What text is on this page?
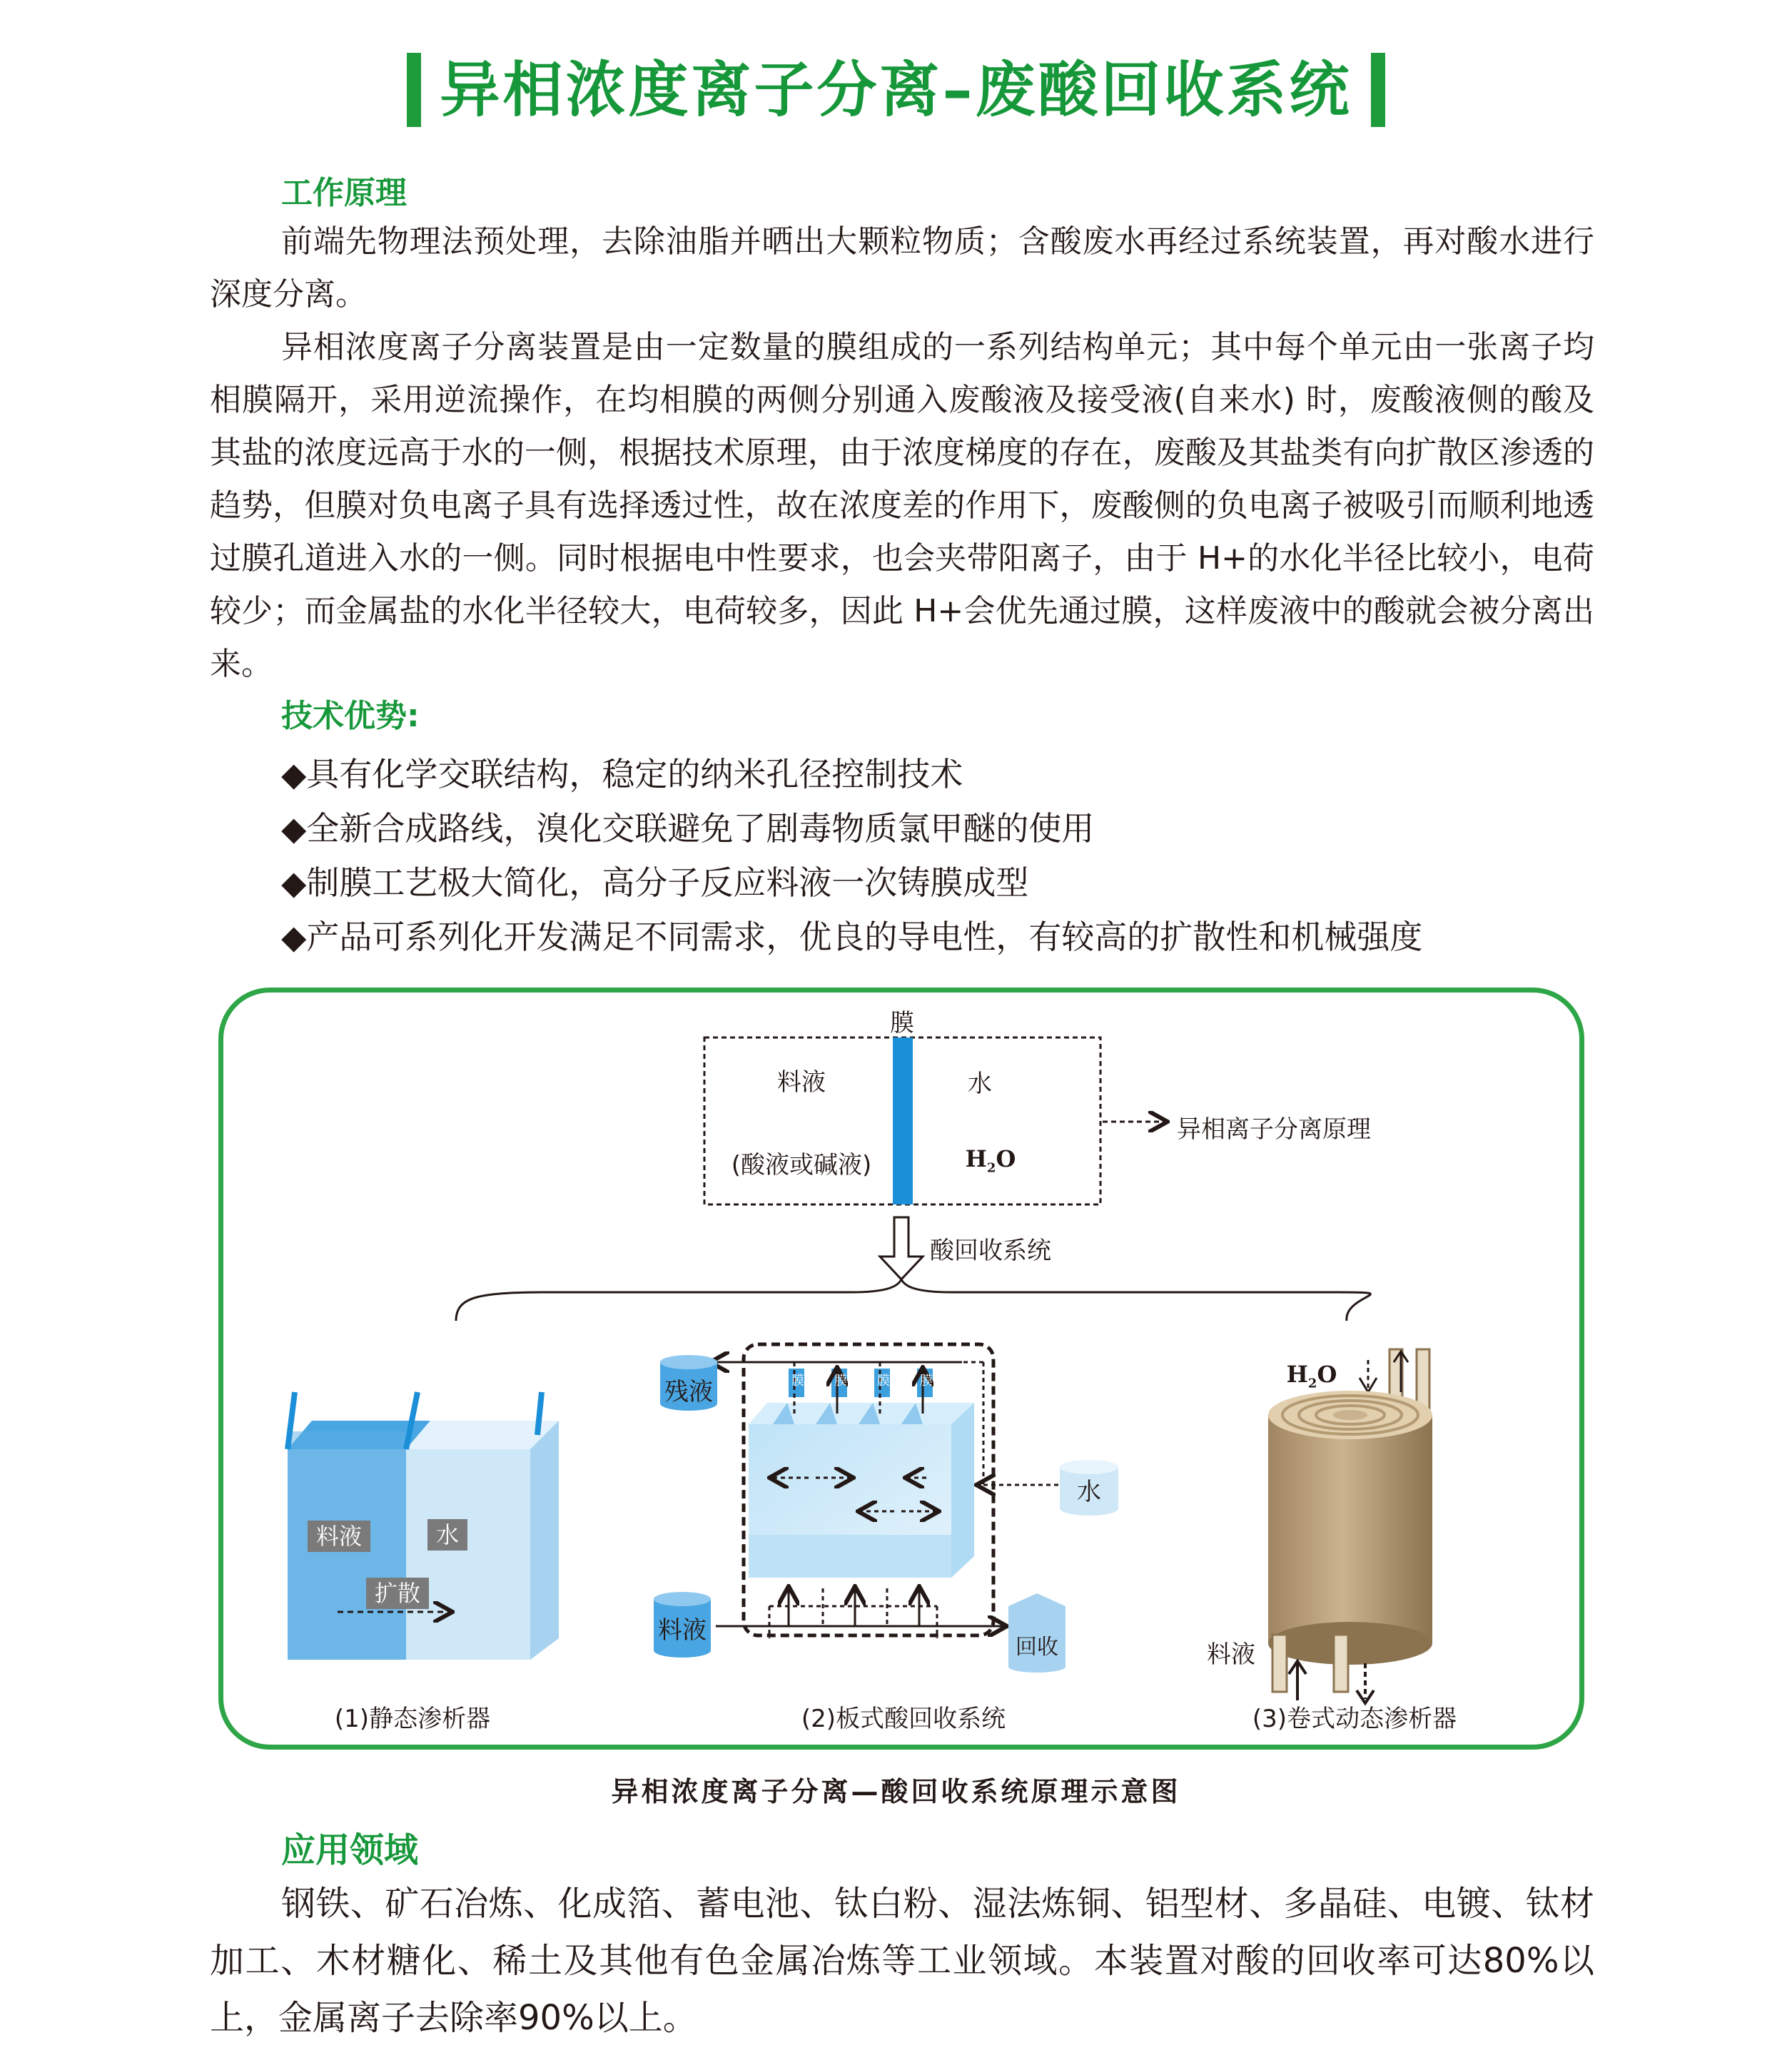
异相浓度离子分离–废酸回收系统
工作原理

前端先物理法预处理，去除油脂并晒出大颗粒物质；含酸废水再经过系统装置，再对酸水进行深度分离。

异相浓度离子分离装置是由一定数量的膜组成的一系列结构单元；其中每个单元由一张离子均相膜隔开，采用逆流操作，在均相膜的两侧分别通入废酸液及接受液(自来水) 时，废酸液侧的酸及其盐的浓度远高于水的一侧，根据技术原理，由于浓度梯度的存在，废酸及其盐类有向扩散区渗透的趋势，但膜对负电离子具有选择透过性，故在浓度差的作用下，废酸侧的负电离子被吸引而顺利地透过膜孔道进入水的一侧。同时根据电中性要求，也会夹带阳离子，由于 H+的水化半径比较小，电荷较少；而金属盐的水化半径较大，电荷较多，因此 H+会优先通过膜，这样废液中的酸就会被分离出来。

技术优势:
◆具有化学交联结构，稳定的纳米孔径控制技术
◆全新合成路线，溴化交联避免了剧毒物质氯甲醚的使用
◆制膜工艺极大简化，高分子反应料液一次铸膜成型
◆产品可系列化开发满足不同需求，优良的导电性，有较高的扩散性和机械强度
膜
料液	水
(酸液或碱液)	$H_2O$
异相离子分离原理
酸回收系统
料液	水
扩散
(1)静态渗析器
残液	膜 膜 膜 膜
水
料液
回收
(2)板式酸回收系统
$H_2O$
料液
(3)卷式动态渗析器
异相浓度离子分离—酸回收系统原理示意图
应用领域

钢铁、矿石冶炼、化成箔、蓄电池、钛白粉、湿法炼铜、铝型材、多晶硅、电镀、钛材加工、木材糖化、稀土及其他有色金属冶炼等工业领域。本装置对酸的回收率可达80%以上，金属离子去除率90%以上。
